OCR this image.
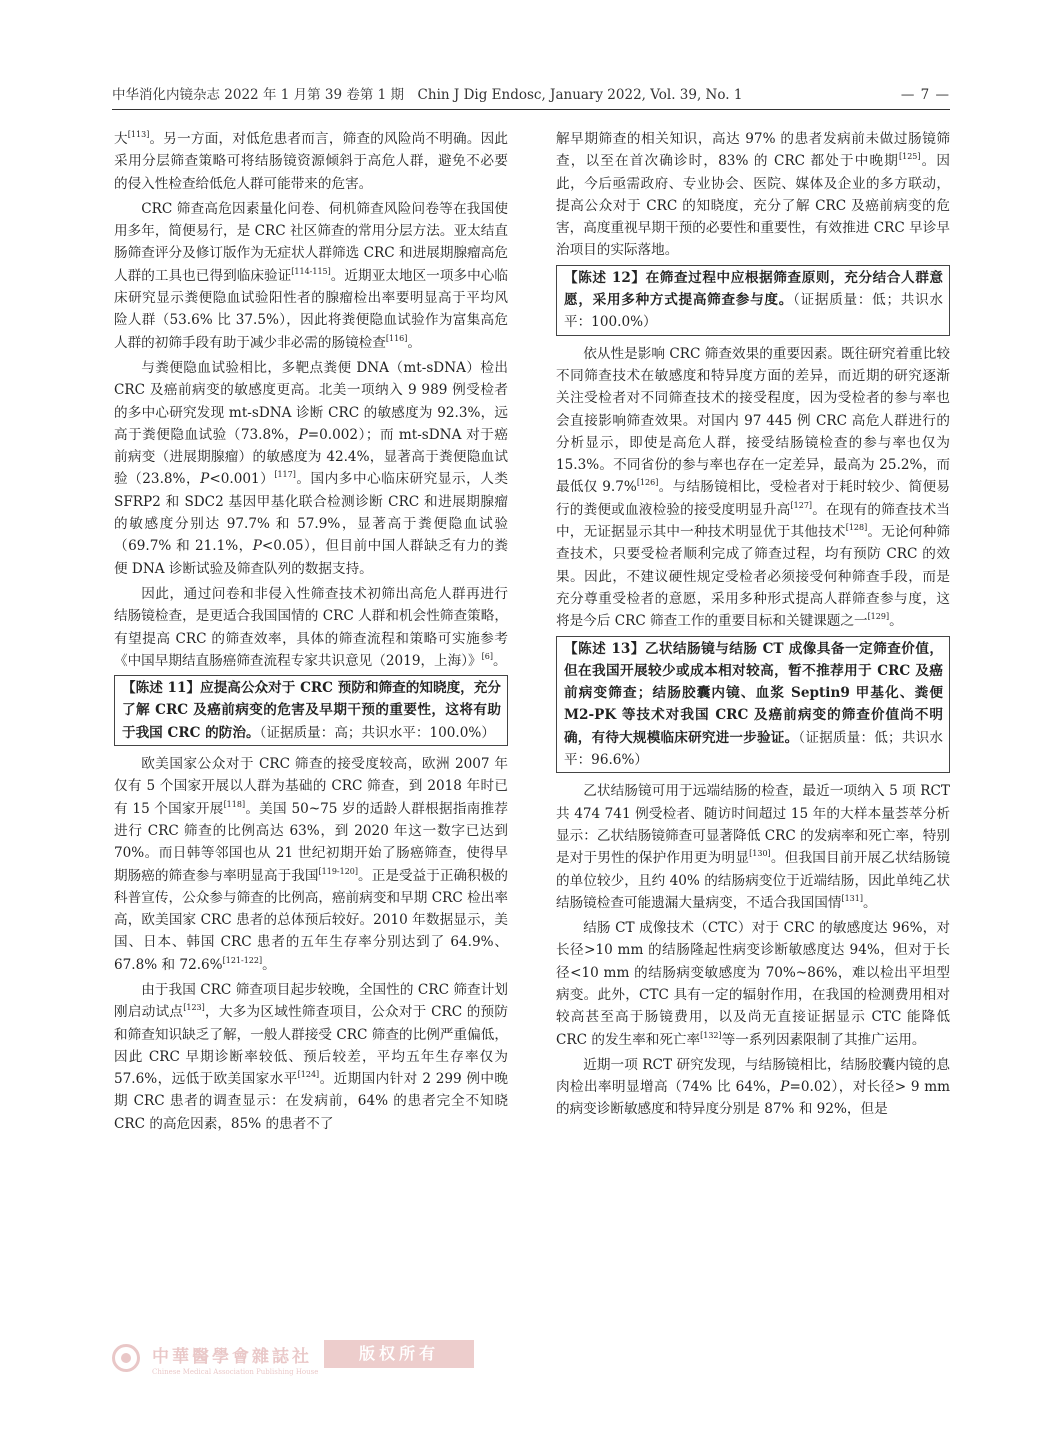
中华消化内镜杂志 2022 年 1 月第 39 卷第 1 期　Chin J Dig Endosc, January 2022, Vol. 39, No. 1	— 7 —

大[113]。另一方面，对低危患者而言，筛查的风险尚不明确。因此采用分层筛查策略可将结肠镜资源倾斜于高危人群，避免不必要的侵入性检查给低危人群可能带来的危害。

CRC 筛查高危因素量化问卷、伺机筛查风险问卷等在我国使用多年，简便易行，是 CRC 社区筛查的常用分层方法。亚太结直肠筛查评分及修订版作为无症状人群筛选 CRC 和进展期腺瘤高危人群的工具也已得到临床验证[114-115]。近期亚太地区一项多中心临床研究显示粪便隐血试验阳性者的腺瘤检出率要明显高于平均风险人群（53.6% 比 37.5%），因此将粪便隐血试验作为富集高危人群的初筛手段有助于减少非必需的肠镜检查[116]。

与粪便隐血试验相比，多靶点粪便 DNA（mt-sDNA）检出 CRC 及癌前病变的敏感度更高。北美一项纳入 9 989 例受检者的多中心研究发现 mt-sDNA 诊断 CRC 的敏感度为 92.3%，远高于粪便隐血试验（73.8%，P=0.002）；而 mt-sDNA 对于癌前病变（进展期腺瘤）的敏感度为 42.4%，显著高于粪便隐血试验（23.8%，P<0.001）[117]。国内多中心临床研究显示，人类 SFRP2 和 SDC2 基因甲基化联合检测诊断 CRC 和进展期腺瘤的敏感度分别达 97.7% 和 57.9%，显著高于粪便隐血试验（69.7% 和 21.1%，P<0.05），但目前中国人群缺乏有力的粪便 DNA 诊断试验及筛查队列的数据支持。

因此，通过问卷和非侵入性筛查技术初筛出高危人群再进行结肠镜检查，是更适合我国国情的 CRC 人群和机会性筛查策略，有望提高 CRC 的筛查效率，具体的筛查流程和策略可实施参考《中国早期结直肠癌筛查流程专家共识意见（2019，上海）》[6]。

【陈述 11】应提高公众对于 CRC 预防和筛查的知晓度，充分了解 CRC 及癌前病变的危害及早期干预的重要性，这将有助于我国 CRC 的防治。（证据质量：高；共识水平：100.0%）

欧美国家公众对于 CRC 筛查的接受度较高，欧洲 2007 年仅有 5 个国家开展以人群为基础的 CRC 筛查，到 2018 年时已有 15 个国家开展[118]。美国 50~75 岁的适龄人群根据指南推荐进行 CRC 筛查的比例高达 63%，到 2020 年这一数字已达到 70%。而日韩等邻国也从 21 世纪初期开始了肠癌筛查，使得早期肠癌的筛查参与率明显高于我国[119-120]。正是受益于正确积极的科普宣传，公众参与筛查的比例高，癌前病变和早期 CRC 检出率高，欧美国家 CRC 患者的总体预后较好。2010 年数据显示，美国、日本、韩国 CRC 患者的五年生存率分别达到了 64.9%、67.8% 和 72.6%[121-122]。

由于我国 CRC 筛查项目起步较晚，全国性的 CRC 筛查计划刚启动试点[123]，大多为区域性筛查项目，公众对于 CRC 的预防和筛查知识缺乏了解，一般人群接受 CRC 筛查的比例严重偏低，因此 CRC 早期诊断率较低、预后较差，平均五年生存率仅为 57.6%，远低于欧美国家水平[124]。近期国内针对 2 299 例中晚期 CRC 患者的调查显示：在发病前，64% 的患者完全不知晓 CRC 的高危因素，85% 的患者不了

解早期筛查的相关知识，高达 97% 的患者发病前未做过肠镜筛查，以至在首次确诊时，83% 的 CRC 都处于中晚期[125]。因此，今后亟需政府、专业协会、医院、媒体及企业的多方联动，提高公众对于 CRC 的知晓度，充分了解 CRC 及癌前病变的危害，高度重视早期干预的必要性和重要性，有效推进 CRC 早诊早治项目的实际落地。

【陈述 12】在筛查过程中应根据筛查原则，充分结合人群意愿，采用多种方式提高筛查参与度。（证据质量：低；共识水平：100.0%）

依从性是影响 CRC 筛查效果的重要因素。既往研究着重比较不同筛查技术在敏感度和特异度方面的差异，而近期的研究逐渐关注受检者对不同筛查技术的接受程度，因为受检者的参与率也会直接影响筛查效果。对国内 97 445 例 CRC 高危人群进行的分析显示，即使是高危人群，接受结肠镜检查的参与率也仅为 15.3%。不同省份的参与率也存在一定差异，最高为 25.2%，而最低仅 9.7%[126]。与结肠镜相比，受检者对于耗时较少、简便易行的粪便或血液检验的接受度明显升高[127]。在现有的筛查技术当中，无证据显示其中一种技术明显优于其他技术[128]。无论何种筛查技术，只要受检者顺利完成了筛查过程，均有预防 CRC 的效果。因此，不建议硬性规定受检者必须接受何种筛查手段，而是充分尊重受检者的意愿，采用多种形式提高人群筛查参与度，这将是今后 CRC 筛查工作的重要目标和关键课题之一[129]。

【陈述 13】乙状结肠镜与结肠 CT 成像具备一定筛查价值，但在我国开展较少或成本相对较高，暂不推荐用于 CRC 及癌前病变筛查；结肠胶囊内镜、血浆 Septin9 甲基化、粪便 M2-PK 等技术对我国 CRC 及癌前病变的筛查价值尚不明确，有待大规模临床研究进一步验证。（证据质量：低；共识水平：96.6%）

乙状结肠镜可用于远端结肠的检查，最近一项纳入 5 项 RCT 共 474 741 例受检者、随访时间超过 15 年的大样本量荟萃分析显示：乙状结肠镜筛查可显著降低 CRC 的发病率和死亡率，特别是对于男性的保护作用更为明显[130]。但我国目前开展乙状结肠镜的单位较少，且约 40% 的结肠病变位于近端结肠，因此单纯乙状结肠镜检查可能遗漏大量病变，不适合我国国情[131]。

结肠 CT 成像技术（CTC）对于 CRC 的敏感度达 96%，对长径>10 mm 的结肠隆起性病变诊断敏感度达 94%，但对于长径<10 mm 的结肠病变敏感度为 70%~86%，难以检出平坦型病变。此外，CTC 具有一定的辐射作用，在我国的检测费用相对较高甚至高于肠镜费用，以及尚无直接证据显示 CTC 能降低 CRC 的发生率和死亡率[132]等一系列因素限制了其推广运用。

近期一项 RCT 研究发现，与结肠镜相比，结肠胶囊内镜的息肉检出率明显增高（74% 比 64%，P=0.02），对长径> 9 mm 的病变诊断敏感度和特异度分别是 87% 和 92%，但是

中華醫學會雜誌社
Chinese Medical Association Publishing House
版权所有
